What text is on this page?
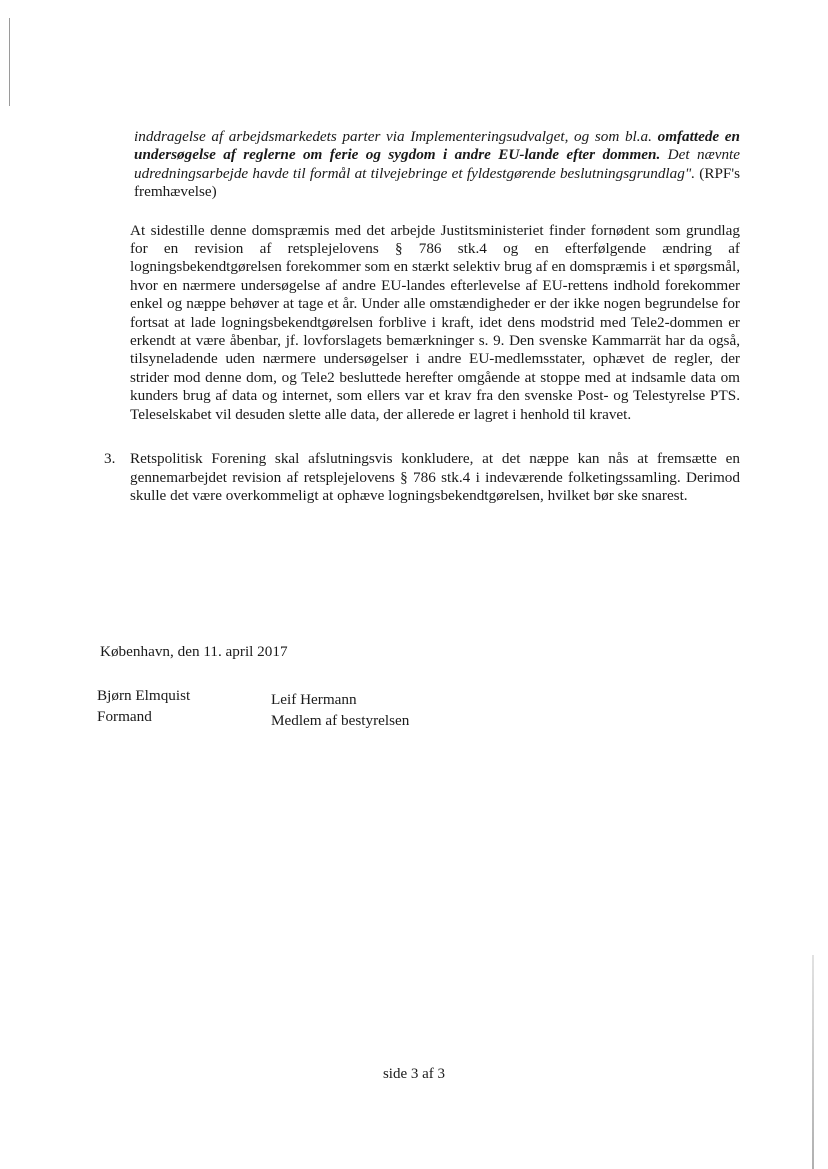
inddragelse af arbejdsmarkedets parter via Implementeringsudvalget, og som bl.a. omfattede en undersøgelse af reglerne om ferie og sygdom i andre EU-lande efter dommen. Det nævnte udredningsarbejde havde til formål at tilvejebringe et fyldestgørende beslutningsgrundlag". (RPF's fremhævelse)

At sidestille denne domspræmis med det arbejde Justitsministeriet finder fornødent som grundlag for en revision af retsplejelovens § 786 stk.4 og en efterfølgende ændring af logningsbekendtgørelsen forekommer som en stærkt selektiv brug af en domspræmis i et spørgsmål, hvor en nærmere undersøgelse af andre EU-landes efterlevelse af EU-rettens indhold forekommer enkel og næppe behøver at tage et år. Under alle omstændigheder er der ikke nogen begrundelse for fortsat at lade logningsbekendtgørelsen forblive i kraft, idet dens modstrid med Tele2-dommen er erkendt at være åbenbar, jf. lovforslagets bemærkninger s. 9. Den svenske Kammarrät har da også, tilsyneladende uden nærmere undersøgelser i andre EU-medlemsstater, ophævet de regler, der strider mod denne dom, og Tele2 besluttede herefter omgående at stoppe med at indsamle data om kunders brug af data og internet, som ellers var et krav fra den svenske Post- og Telestyrelse PTS. Teleselskabet vil desuden slette alle data, der allerede er lagret i henhold til kravet.

3. Retspolitisk Forening skal afslutningsvis konkludere, at det næppe kan nås at fremsætte en gennemarbejdet revision af retsplejelovens § 786 stk.4 i indeværende folketingssamling. Derimod skulle det være overkommeligt at ophæve logningsbekendtgørelsen, hvilket bør ske snarest.

København, den 11. april 2017
Bjørn Elmquist
Formand
Leif Hermann
Medlem af bestyrelsen
side 3 af 3
